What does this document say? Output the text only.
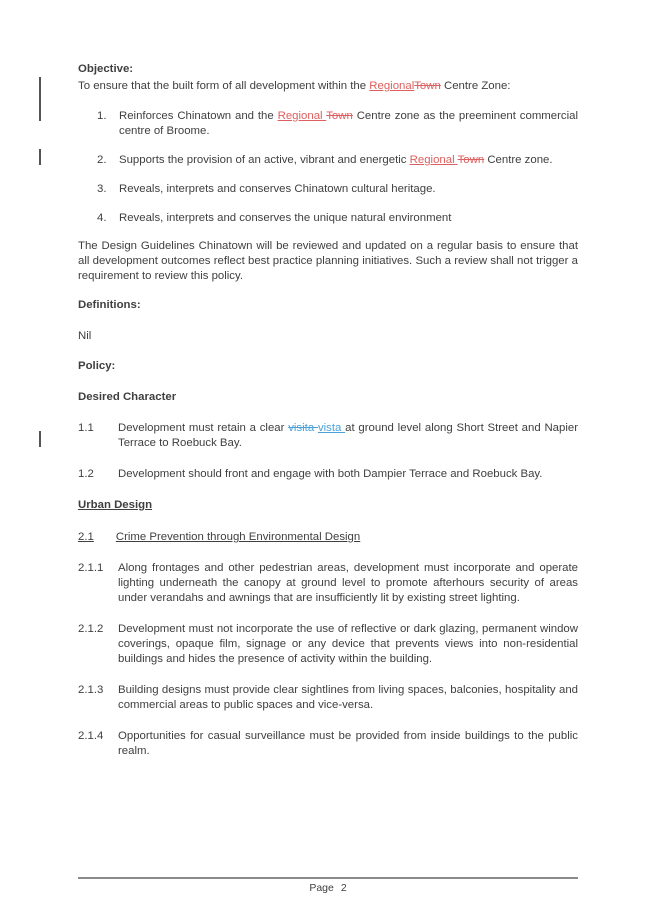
Objective:

To ensure that the built form of all development within the RegionalTown Centre Zone:

1.	Reinforces Chinatown and the Regional Town Centre zone as the preeminent commercial centre of Broome.
2.	Supports the provision of an active, vibrant and energetic Regional Town Centre zone.
3.	Reveals, interprets and conserves Chinatown cultural heritage.
4.	Reveals, interprets and conserves the unique natural environment

The Design Guidelines Chinatown will be reviewed and updated on a regular basis to ensure that all development outcomes reflect best practice planning initiatives. Such a review shall not trigger a requirement to review this policy.

Definitions:

Nil

Policy:

Desired Character

1.1	Development must retain a clear visita vista at ground level along Short Street and Napier Terrace to Roebuck Bay.
1.2	Development should front and engage with both Dampier Terrace and Roebuck Bay.

Urban Design

2.1 Crime Prevention through Environmental Design

2.1.1	Along frontages and other pedestrian areas, development must incorporate and operate lighting underneath the canopy at ground level to promote afterhours security of areas under verandahs and awnings that are insufficiently lit by existing street lighting.
2.1.2	Development must not incorporate the use of reflective or dark glazing, permanent window coverings, opaque film, signage or any device that prevents views into non-residential buildings and hides the presence of activity within the building.
2.1.3	Building designs must provide clear sightlines from living spaces, balconies, hospitality and commercial areas to public spaces and vice-versa.
2.1.4	Opportunities for casual surveillance must be provided from inside buildings to the public realm.
Page 2
